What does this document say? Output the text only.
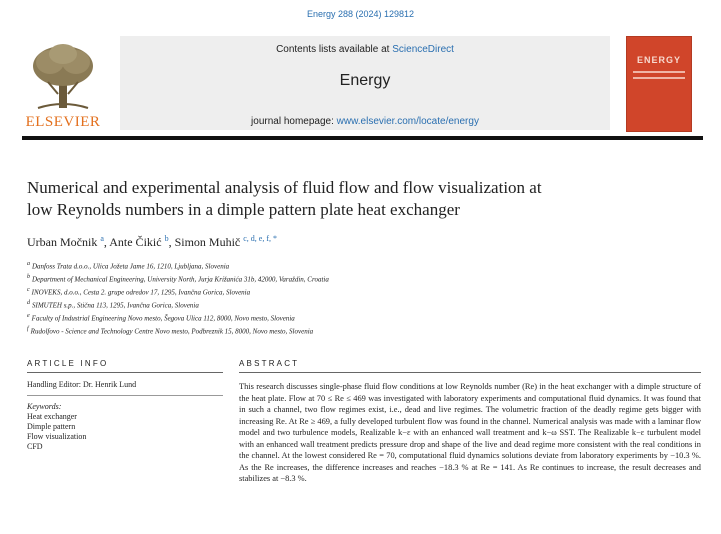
Energy 288 (2024) 129812
ELSEVIER
Contents lists available at ScienceDirect
Energy
journal homepage: www.elsevier.com/locate/energy
ENERGY
Numerical and experimental analysis of fluid flow and flow visualization at
low Reynolds numbers in a dimple pattern plate heat exchanger
Urban Močnik $^a$, Ante Čikić $^b$, Simon Muhič $^{c, d, e, f, *}$
$^a$ Danfoss Trata d.o.o., Ulica Jožeta Jame 16, 1210, Ljubljana, Slovenia
$^b$ Department of Mechanical Engineering, University North, Jurja Križanića 31b, 42000, Varaždin, Croatia
$^c$ INOVEKS, d.o.o., Cesta 2. grupe odredov 17, 1295, Ivančna Gorica, Slovenia
$^d$ SIMUTEH s.p., Stična 113, 1295, Ivančna Gorica, Slovenia
$^e$ Faculty of Industrial Engineering Novo mesto, Šegova Ulica 112, 8000, Novo mesto, Slovenia
$^f$ Rudolfovo - Science and Technology Centre Novo mesto, Podbreznik 15, 8000, Novo mesto, Slovenia
ARTICLE INFO
Handling Editor: Dr. Henrik Lund
Keywords:
Heat exchanger
Dimple pattern
Flow visualization
CFD
ABSTRACT
This research discusses single-phase fluid flow conditions at low Reynolds number (Re) in the heat exchanger with a dimple structure of the heat plate. Flow at 70 ≤ Re ≤ 469 was investigated with laboratory experiments and computational fluid dynamics. It was found that in such a channel, two flow regimes exist, i.e., dead and live regimes. The volumetric fraction of the deadly regime gets bigger with increasing Re. At Re ≥ 469, a fully developed turbulent flow was found in the channel. Numerical analysis was made with a laminar flow model and two turbulence models, Realizable k−ε with an enhanced wall treatment and k−ω SST. The Realizable k−ε turbulent model with an enhanced wall treatment predicts pressure drop and shape of the live and dead regime more consistent with the real conditions in the channel. At the lowest considered Re = 70, computational fluid dynamics solutions deviate from laboratory experiments by −10.3 %. As the Re increases, the difference increases and reaches −18.3 % at Re = 141. As Re continues to increase, the result decreases and stabilizes at −8.3 %.
